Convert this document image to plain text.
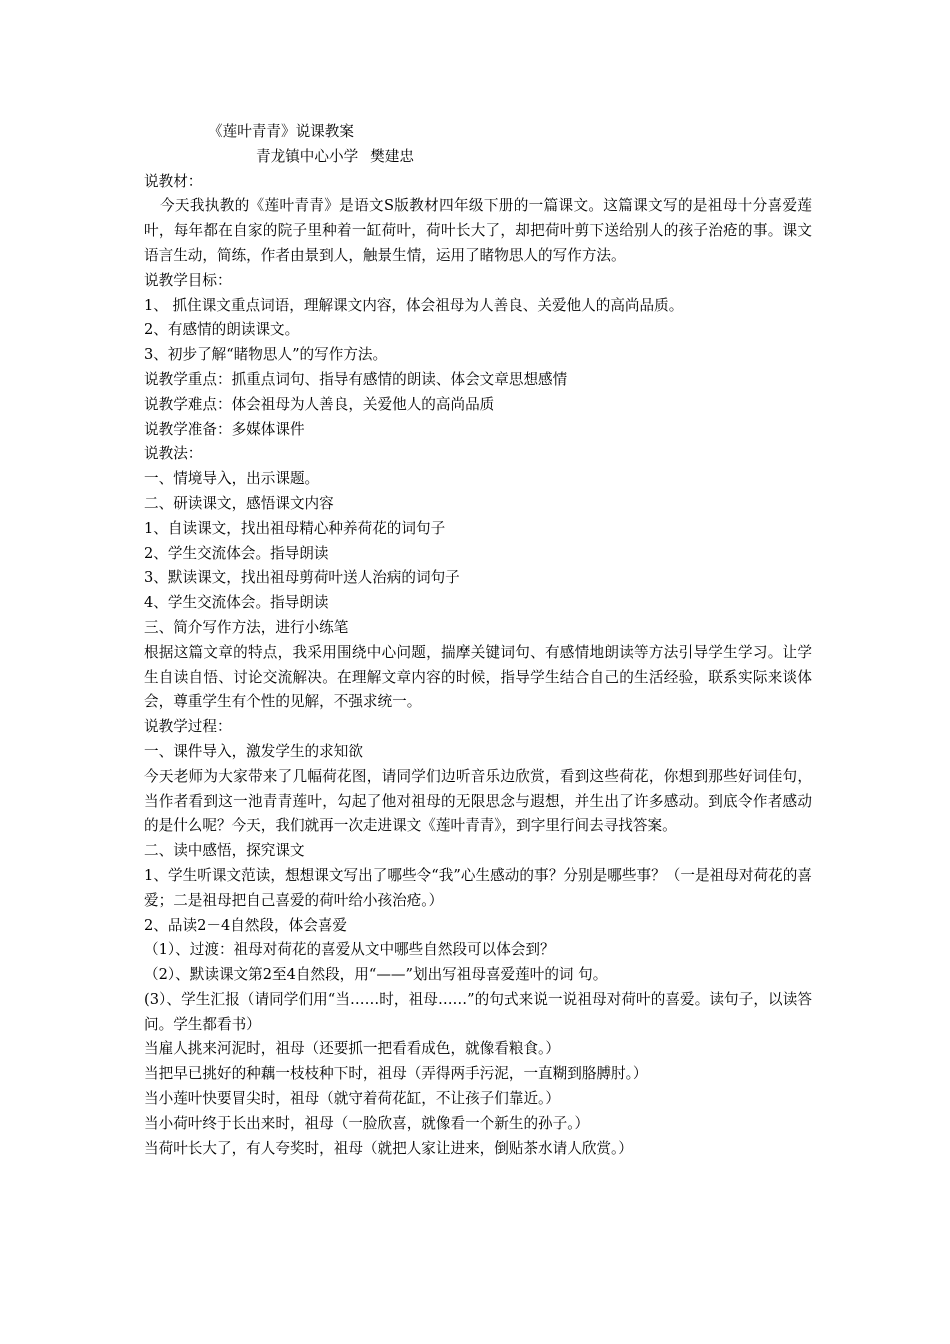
《莲叶青青》说课教案

青龙镇中心小学 樊建忠

说教材：

今天我执教的《莲叶青青》是语文S版教材四年级下册的一篇课文。这篇课文写的是祖母十分喜爱莲叶，每年都在自家的院子里种着一缸荷叶，荷叶长大了，却把荷叶剪下送给别人的孩子治疮的事。课文语言生动，简练，作者由景到人，触景生情，运用了睹物思人的写作方法。

说教学目标：

1、 抓住课文重点词语，理解课文内容，体会祖母为人善良、关爱他人的高尚品质。

2、有感情的朗读课文。

3、初步了解“睹物思人”的写作方法。

说教学重点：抓重点词句、指导有感情的朗读、体会文章思想感情

说教学难点：体会祖母为人善良，关爱他人的高尚品质

说教学准备：多媒体课件

说教法：

一、情境导入，出示课题。

二、研读课文，感悟课文内容

1、自读课文，找出祖母精心种养荷花的词句子

2、学生交流体会。指导朗读

3、默读课文，找出祖母剪荷叶送人治病的词句子

4、学生交流体会。指导朗读

三、简介写作方法，进行小练笔

根据这篇文章的特点，我采用围绕中心问题，揣摩关键词句、有感情地朗读等方法引导学生学习。让学生自读自悟、讨论交流解决。在理解文章内容的时候，指导学生结合自己的生活经验，联系实际来谈体会，尊重学生有个性的见解，不强求统一。

说教学过程：

一、课件导入，激发学生的求知欲

今天老师为大家带来了几幅荷花图，请同学们边听音乐边欣赏，看到这些荷花，你想到那些好词佳句，当作者看到这一池青青莲叶，勾起了他对祖母的无限思念与遐想，并生出了许多感动。到底令作者感动的是什么呢？今天，我们就再一次走进课文《莲叶青青》，到字里行间去寻找答案。

二、读中感悟，探究课文

1、学生听课文范读，想想课文写出了哪些令“我”心生感动的事？分别是哪些事？（一是祖母对荷花的喜爱；二是祖母把自己喜爱的荷叶给小孩治疮。）

2、品读2－4自然段，体会喜爱

（1）、过渡：祖母对荷花的喜爱从文中哪些自然段可以体会到？

（2）、默读课文第2至4自然段，用“——”划出写祖母喜爱莲叶的词 句。

(3）、学生汇报（请同学们用“当……时，祖母……”的句式来说一说祖母对荷叶的喜爱。读句子，以读答问。学生都看书）

当雇人挑来河泥时，祖母（还要抓一把看看成色，就像看粮食。）

当把早已挑好的种藕一枝枝种下时，祖母（弄得两手污泥，一直糊到胳膊肘。）

当小莲叶快要冒尖时，祖母（就守着荷花缸，不让孩子们靠近。）

当小荷叶终于长出来时，祖母（一脸欣喜，就像看一个新生的孙子。）

当荷叶长大了，有人夸奖时，祖母（就把人家让进来，倒贴茶水请人欣赏。）
